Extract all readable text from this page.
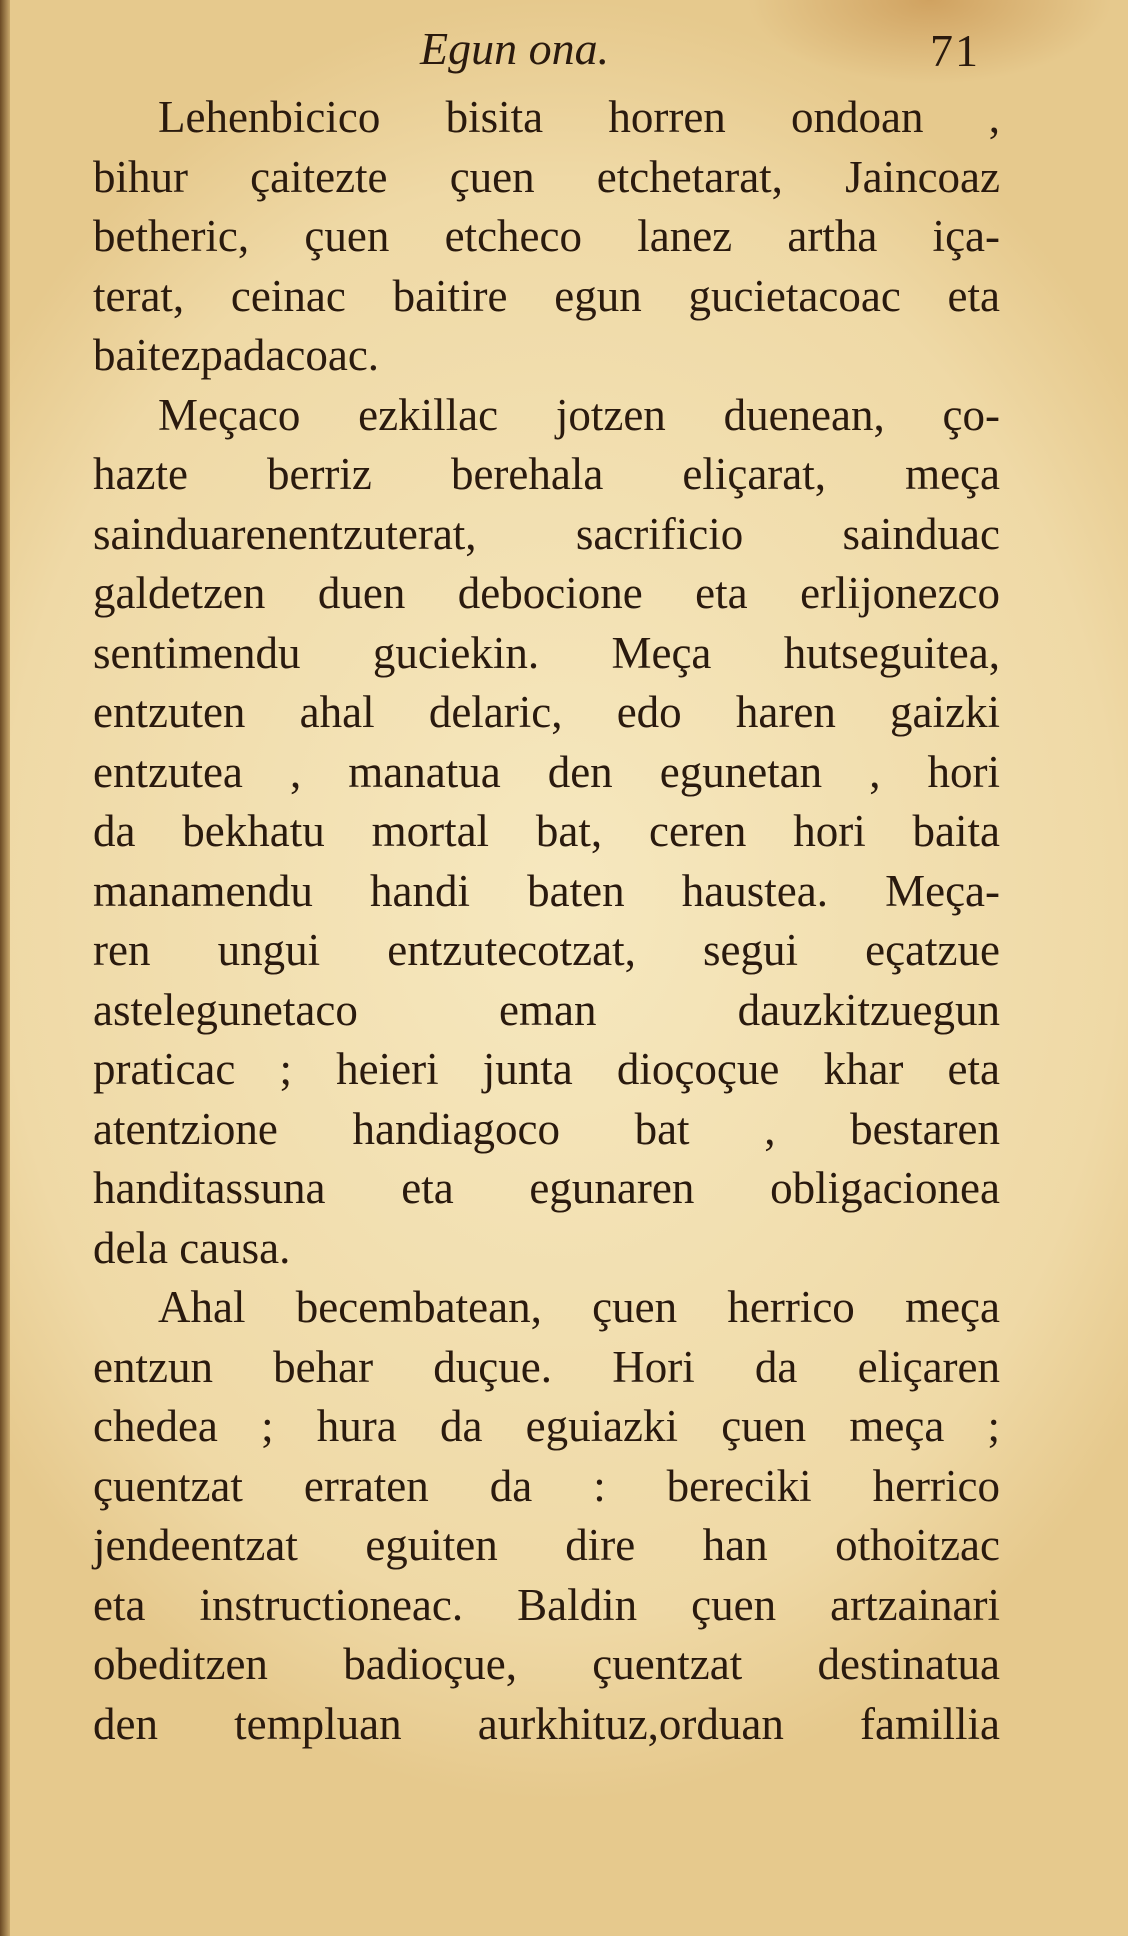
Egun ona.	71
Lehenbicico bisita horren ondoan ,
bihur çaitezte çuen etchetarat, Jaincoaz
betheric, çuen etcheco lanez artha iça-
terat, ceinac baitire egun gucietacoac eta
baitezpadacoac.
Meçaco ezkillac jotzen duenean, ço-
hazte berriz berehala eliçarat, meça
sainduarenentzuterat, sacrificio sainduac
galdetzen duen debocione eta erlijonezco
sentimendu guciekin. Meça hutseguitea,
entzuten ahal delaric, edo haren gaizki
entzutea , manatua den egunetan , hori
da bekhatu mortal bat, ceren hori baita
manamendu handi baten haustea. Meça-
ren ungui entzutecotzat, segui eçatzue
astelegunetaco eman dauzkitzuegun
praticac ; heieri junta dioçoçue khar eta
atentzione handiagoco bat , bestaren
handitassuna eta egunaren obligacionea
dela causa.
Ahal becembatean, çuen herrico meça
entzun behar duçue. Hori da eliçaren
chedea ; hura da eguiazki çuen meça ;
çuentzat erraten da : bereciki herrico
jendeentzat eguiten dire han othoitzac
eta instructioneac. Baldin çuen artzainari
obeditzen badioçue, çuentzat destinatua
den templuan aurkhituz,orduan famillia
